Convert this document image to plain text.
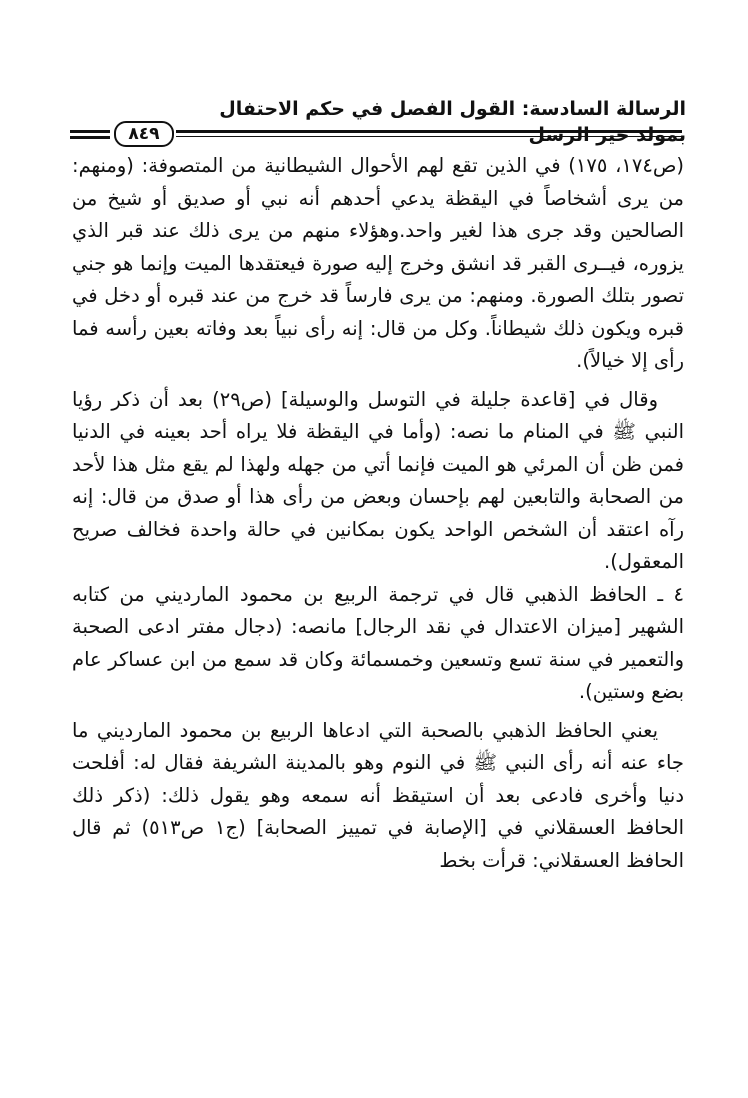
الرسالة السادسة: القول الفصل في حكم الاحتفال بمولد خير الرسل
٨٤٩

(ص١٧٤، ١٧٥) في الذين تقع لهم الأحوال الشيطانية من المتصوفة: (ومنهم: من يرى أشخاصاً في اليقظة يدعي أحدهم أنه نبي أو صديق أو شيخ من الصالحين وقد جرى هذا لغير واحد.وهؤلاء منهم من يرى ذلك عند قبر الذي يزوره، فيــرى القبر قد انشق وخرج إليه صورة فيعتقدها الميت وإنما هو جني تصور بتلك الصورة. ومنهم: من يرى فارساً قد خرج من عند قبره أو دخل في قبره ويكون ذلك شيطاناً. وكل من قال: إنه رأى نبياً بعد وفاته بعين رأسه فما رأى إلا خيالاً).

وقال في [قاعدة جليلة في التوسل والوسيلة] (ص٢٩) بعد أن ذكر رؤيا النبي ﷺ في المنام ما نصه: (وأما في اليقظة فلا يراه أحد بعينه في الدنيا فمن ظن أن المرئي هو الميت فإنما أتي من جهله ولهذا لم يقع مثل هذا لأحد من الصحابة والتابعين لهم بإحسان وبعض من رأى هذا أو صدق من قال: إنه رآه اعتقد أن الشخص الواحد يكون بمكانين في حالة واحدة فخالف صريح المعقول).

٤ ـ الحافظ الذهبي قال في ترجمة الربيع بن محمود الماردیني من كتابه الشهير [ميزان الاعتدال في نقد الرجال] مانصه: (دجال مفتر ادعى الصحبة والتعمير في سنة تسع وتسعين وخمسمائة وكان قد سمع من ابن عساكر عام بضع وستين).

يعني الحافظ الذهبي بالصحبة التي ادعاها الربيع بن محمود الماردیني ما جاء عنه أنه رأى النبي ﷺ في النوم وهو بالمدينة الشريفة فقال له: أفلحت دنيا وأخرى فادعى بعد أن استيقظ أنه سمعه وهو يقول ذلك: (ذكر ذلك الحافظ العسقلاني في [الإصابة في تمييز الصحابة] (ج١ ص٥١٣) ثم قال الحافظ العسقلاني: قرأت بخط
